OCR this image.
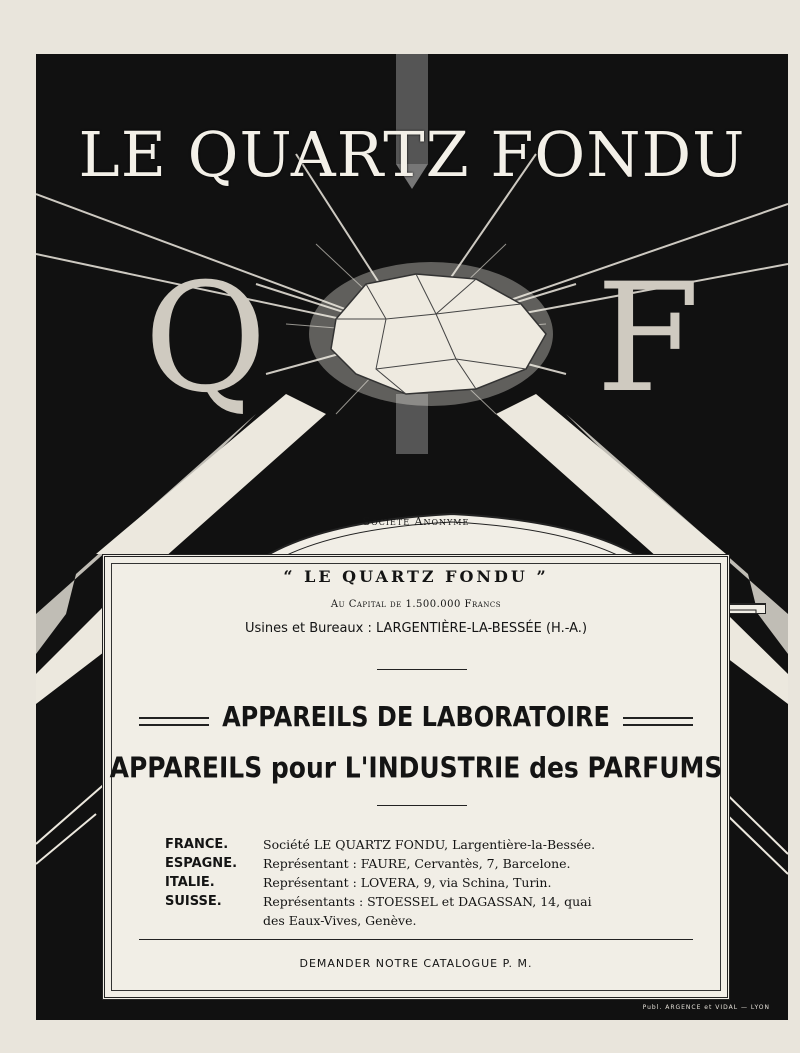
LE QUARTZ FONDU
Q F
Société Anonyme
“ LE QUARTZ FONDU ”
Au Capital de 1.500.000 Francs
Usines et Bureaux : LARGENTIÈRE-LA-BESSÉE (H.-A.)
APPAREILS DE LABORATOIRE
APPAREILS pour L'INDUSTRIE des PARFUMS
FRANCE.	Société LE QUARTZ FONDU, Largentière-la-Bessée.
ESPAGNE.	Représentant : FAURE, Cervantès, 7, Barcelone.
ITALIE.	Représentant : LOVERA, 9, via Schina, Turin.
SUISSE.	Représentants : STOESSEL et DAGASSAN, 14, quai
des Eaux-Vives, Genève.
DEMANDER NOTRE CATALOGUE P. M.
Publ. ARGENCE et VIDAL — LYON
